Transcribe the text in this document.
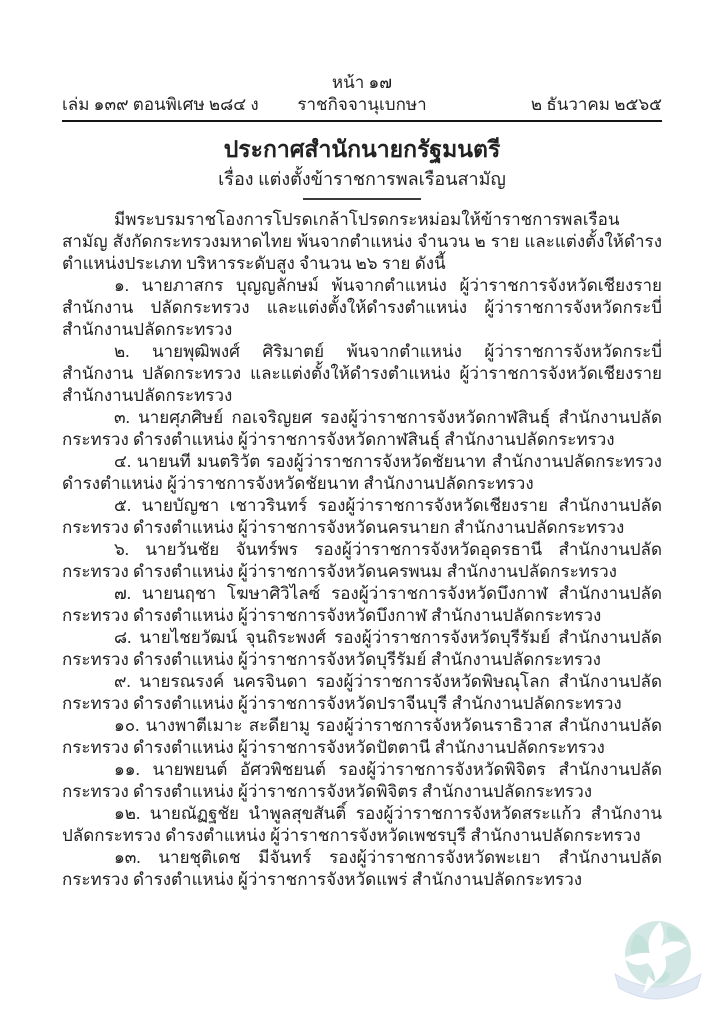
หน้า ๑๗
เล่ม ๑๓๙ ตอนพิเศษ ๒๘๔ ง	ราชกิจจานุเบกษา	๒ ธันวาคม ๒๕๖๕
ประกาศสำนักนายกรัฐมนตรี
เรื่อง แต่งตั้งข้าราชการพลเรือนสามัญ

มีพระบรมราชโองการโปรดเกล้าโปรดกระหม่อมให้ข้าราชการพลเรือนสามัญ สังกัดกระทรวงมหาดไทย พ้นจากตำแหน่ง จำนวน ๒ ราย และแต่งตั้งให้ดำรงตำแหน่งประเภท บริหารระดับสูง จำนวน ๒๖ ราย ดังนี้

๑. นายภาสกร บุญญลักษม์ พ้นจากตำแหน่ง ผู้ว่าราชการจังหวัดเชียงราย สำนักงาน ปลัดกระทรวง และแต่งตั้งให้ดำรงตำแหน่ง ผู้ว่าราชการจังหวัดกระบี่ สำนักงานปลัดกระทรวง

๒. นายพุฒิพงศ์ ศิริมาตย์ พ้นจากตำแหน่ง ผู้ว่าราชการจังหวัดกระบี่ สำนักงาน ปลัดกระทรวง และแต่งตั้งให้ดำรงตำแหน่ง ผู้ว่าราชการจังหวัดเชียงราย สำนักงานปลัดกระทรวง

๓. นายศุภศิษย์ กอเจริญยศ รองผู้ว่าราชการจังหวัดกาฬสินธุ์ สำนักงานปลัดกระทรวง ดำรงตำแหน่ง ผู้ว่าราชการจังหวัดกาฬสินธุ์ สำนักงานปลัดกระทรวง

๔. นายนที มนตริวัต รองผู้ว่าราชการจังหวัดชัยนาท สำนักงานปลัดกระทรวง ดำรงตำแหน่ง ผู้ว่าราชการจังหวัดชัยนาท สำนักงานปลัดกระทรวง

๕. นายบัญชา เชาวรินทร์ รองผู้ว่าราชการจังหวัดเชียงราย สำนักงานปลัดกระทรวง ดำรงตำแหน่ง ผู้ว่าราชการจังหวัดนครนายก สำนักงานปลัดกระทรวง

๖. นายวันชัย จันทร์พร รองผู้ว่าราชการจังหวัดอุดรธานี สำนักงานปลัดกระทรวง ดำรงตำแหน่ง ผู้ว่าราชการจังหวัดนครพนม สำนักงานปลัดกระทรวง

๗. นายนฤชา โฆษาศิวิไลซ์ รองผู้ว่าราชการจังหวัดบึงกาฬ สำนักงานปลัดกระทรวง ดำรงตำแหน่ง ผู้ว่าราชการจังหวัดบึงกาฬ สำนักงานปลัดกระทรวง

๘. นายไชยวัฒน์ จุนถิระพงศ์ รองผู้ว่าราชการจังหวัดบุรีรัมย์ สำนักงานปลัดกระทรวง ดำรงตำแหน่ง ผู้ว่าราชการจังหวัดบุรีรัมย์ สำนักงานปลัดกระทรวง

๙. นายรณรงค์ นครจินดา รองผู้ว่าราชการจังหวัดพิษณุโลก สำนักงานปลัดกระทรวง ดำรงตำแหน่ง ผู้ว่าราชการจังหวัดปราจีนบุรี สำนักงานปลัดกระทรวง

๑๐. นางพาตีเมาะ สะดียามู รองผู้ว่าราชการจังหวัดนราธิวาส สำนักงานปลัดกระทรวง ดำรงตำแหน่ง ผู้ว่าราชการจังหวัดปัตตานี สำนักงานปลัดกระทรวง

๑๑. นายพยนต์ อัศวพิชยนต์ รองผู้ว่าราชการจังหวัดพิจิตร สำนักงานปลัดกระทรวง ดำรงตำแหน่ง ผู้ว่าราชการจังหวัดพิจิตร สำนักงานปลัดกระทรวง

๑๒. นายณัฏฐชัย นำพูลสุขสันติ์ รองผู้ว่าราชการจังหวัดสระแก้ว สำนักงานปลัดกระทรวง ดำรงตำแหน่ง ผู้ว่าราชการจังหวัดเพชรบุรี สำนักงานปลัดกระทรวง

๑๓. นายชุติเดช มีจันทร์ รองผู้ว่าราชการจังหวัดพะเยา สำนักงานปลัดกระทรวง ดำรงตำแหน่ง ผู้ว่าราชการจังหวัดแพร่ สำนักงานปลัดกระทรวง
